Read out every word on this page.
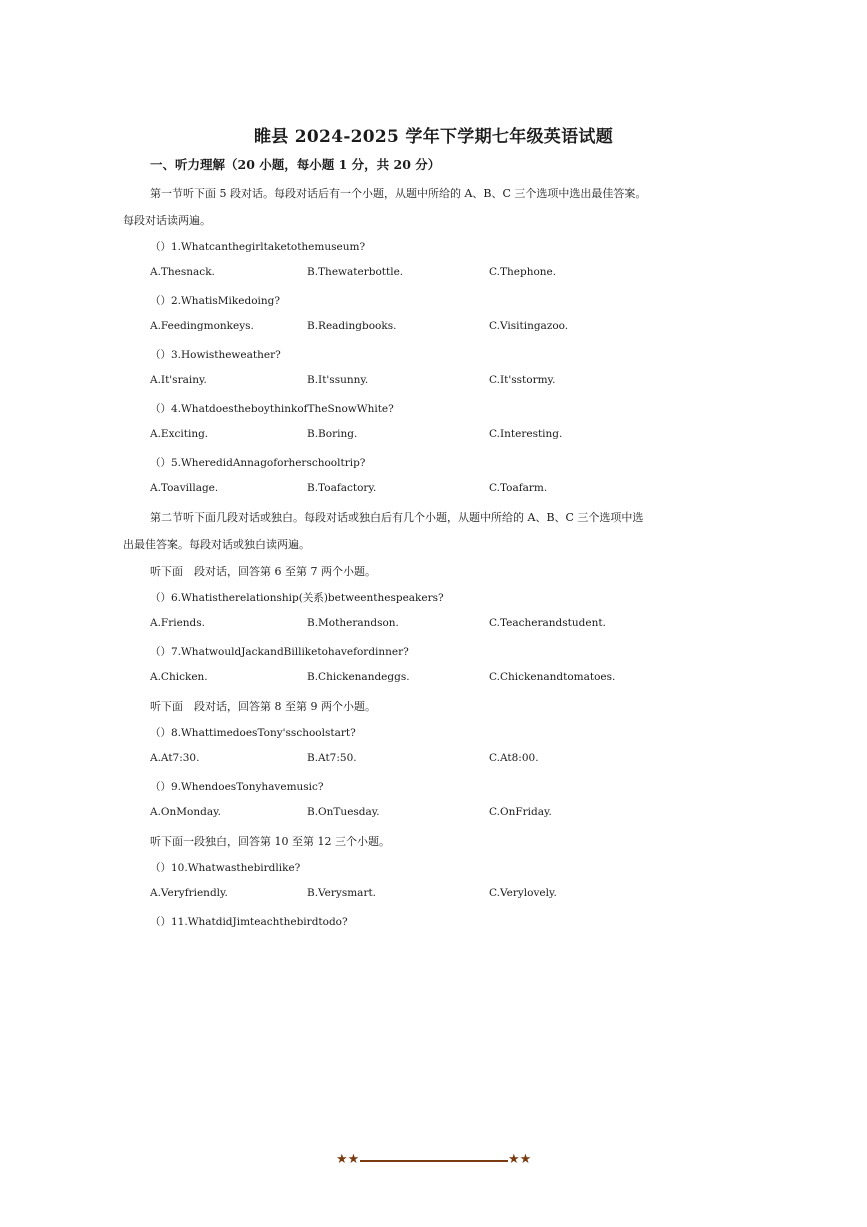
睢县 2024-2025 学年下学期七年级英语试题
一、听力理解（20 小题，每小题 1 分，共 20 分）
第一节听下面 5 段对话。每段对话后有一个小题，从题中所给的 A、B、C 三个选项中选出最佳答案。
每段对话读两遍。
（）1.Whatcanthegirltaketothemuseum?
A.Thesnack.	B.Thewaterbottle.	C.Thephone.
（）2.WhatisMikedoing?
A.Feedingmonkeys.	B.Readingbooks.	C.Visitingazoo.
（）3.Howistheweather?
A.It'srainy.	B.It'ssunny.	C.It'sstormy.
（）4.WhatdoestheboythinkofTheSnowWhite?
A.Exciting.	B.Boring.	C.Interesting.
（）5.WheredidAnnagoforherschooltrip?
A.Toavillage.	B.Toafactory.	C.Toafarm.
第二节听下面几段对话或独白。每段对话或独白后有几个小题，从题中所给的 A、B、C 三个选项中选
出最佳答案。每段对话或独白读两遍。
听下面　段对话，回答第 6 至第 7 两个小题。
（）6.Whatistherelationship(关系)betweenthespeakers?
A.Friends.	B.Motherandson.	C.Teacherandstudent.
（）7.WhatwouldJackandBilliketohavefordinner?
A.Chicken.	B.Chickenandeggs.	C.Chickenandtomatoes.
听下面　段对话，回答第 8 至第 9 两个小题。
（）8.WhattimedoesTony'sschoolstart?
A.At7:30.	B.At7:50.	C.At8:00.
（）9.WhendoesTonyhavemusic?
A.OnMonday.	B.OnTuesday.	C.OnFriday.
听下面一段独白，回答第 10 至第 12 三个小题。
（）10.Whatwasthebirdlike?
A.Veryfriendly.	B.Verysmart.	C.Verylovely.
（）11.WhatdidJimteachthebirdtodo?
★★	★★
